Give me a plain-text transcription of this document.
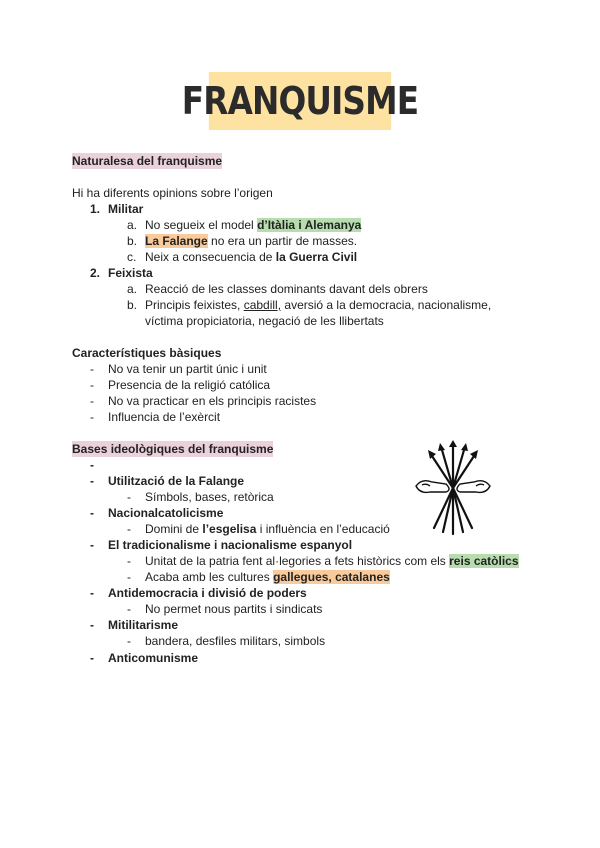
FRANQUISME
Naturalesa del franquisme
Hi ha diferents opinions sobre l’origen
1. Militar
a. No segueix el model d’Itàlia i Alemanya
b. La Falange no era un partir de masses.
c. Neix a consecuencia de la Guerra Civil
2. Feixista
a. Reacció de les classes dominants davant dels obrers
b. Principis feixistes, cabdill, aversió a la democracia, nacionalisme,
víctima propiciatoria, negació de les llibertats
Característiques bàsiques
- No va tenir un partit únic i unit
- Presencia de la religió católica
- No va practicar en els principis racistes
- Influencia de l’exèrcit
Bases ideològiques del franquisme
-
- Utilització de la Falange
- Símbols, bases, retòrica
- Nacionalcatolicisme
- Domini de l’esgelisa i influència en l’educació
- El tradicionalisme i nacionalisme espanyol
- Unitat de la patria fent al·legories a fets històrics com els reis catòlics
- Acaba amb les cultures gallegues, catalanes
- Antidemocracia i divisió de poders
- No permet nous partits i sindicats
- Mitilitarisme
- bandera, desfiles militars, simbols
- Anticomunisme
